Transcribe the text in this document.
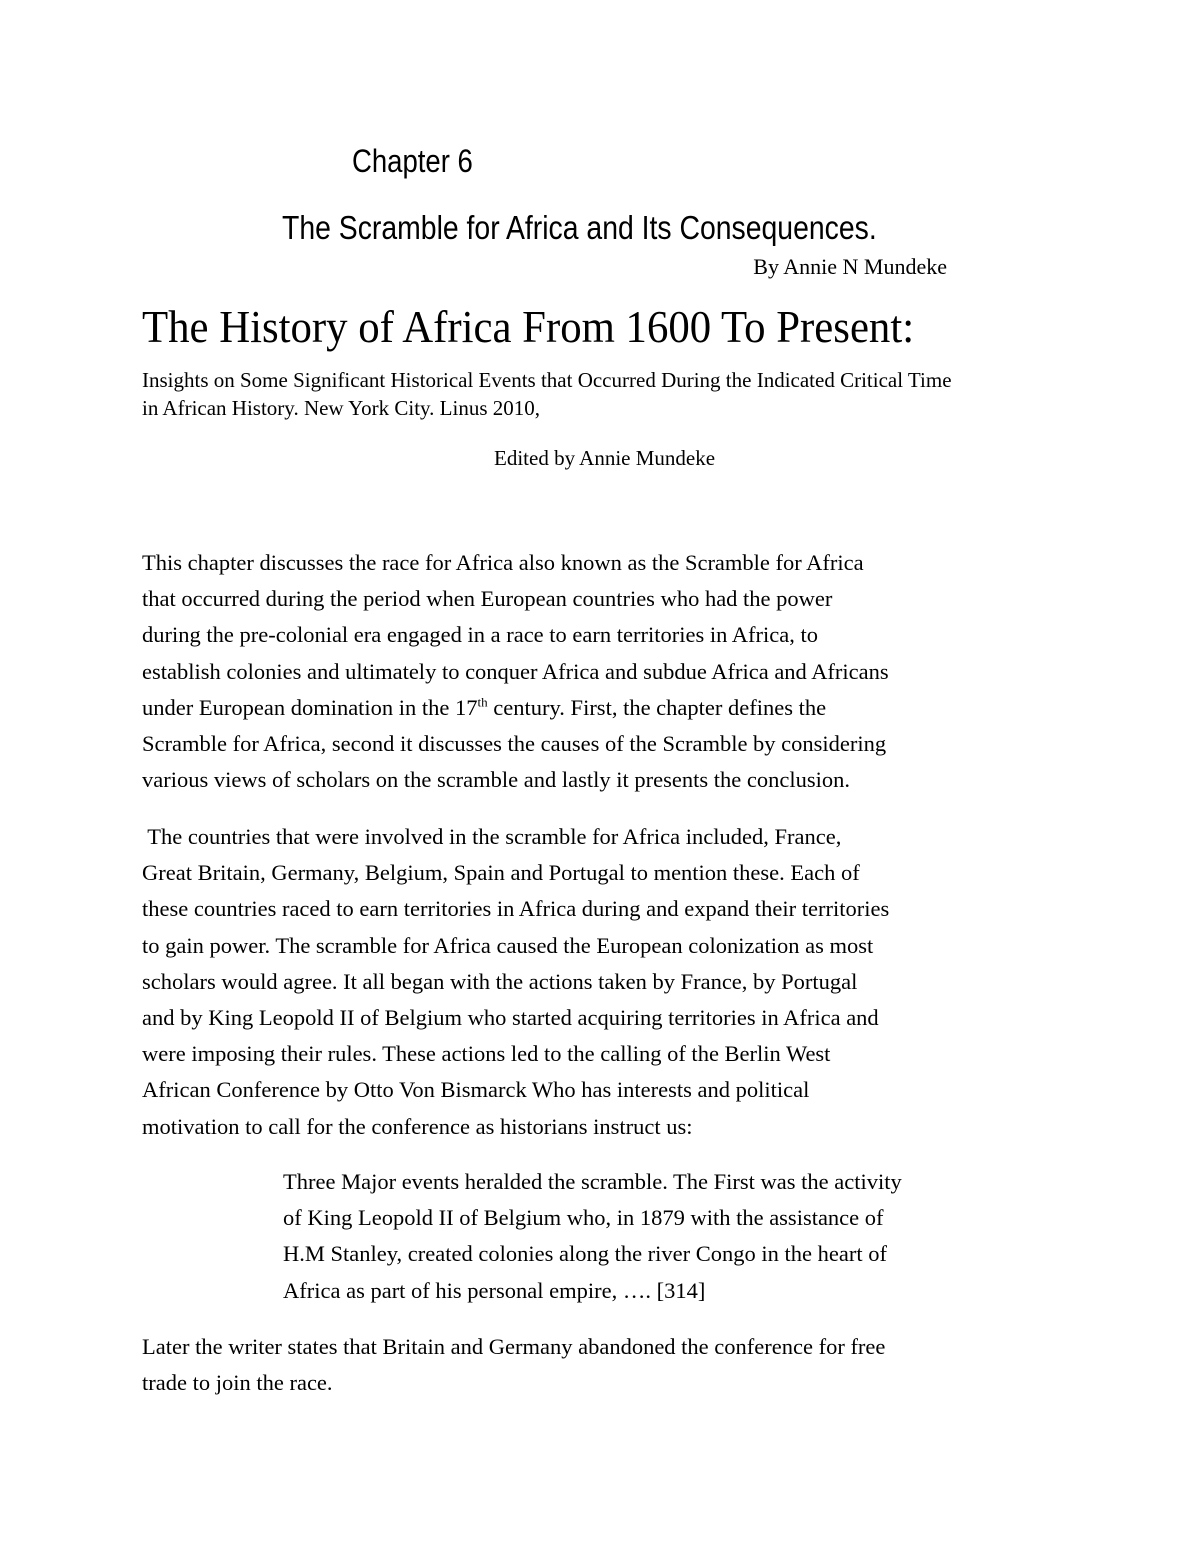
Chapter 6

The Scramble for Africa and Its Consequences.

By Annie N Mundeke

The History of Africa From 1600 To Present:
Insights on Some Significant Historical Events that Occurred During the Indicated Critical Time
in African History. New York City. Linus 2010,

Edited by Annie Mundeke

This chapter discusses the race for Africa also known as the Scramble for Africa
that occurred during the period when European countries who had the power
during the pre-colonial era engaged in a race to earn territories in Africa, to
establish colonies and ultimately to conquer Africa and subdue Africa and Africans
under European domination in the 17th century. First, the chapter defines the
Scramble for Africa, second it discusses the causes of the Scramble by considering
various views of scholars on the scramble and lastly it presents the conclusion.
The countries that were involved in the scramble for Africa included, France,
Great Britain, Germany, Belgium, Spain and Portugal to mention these. Each of
these countries raced to earn territories in Africa during and expand their territories
to gain power. The scramble for Africa caused the European colonization as most
scholars would agree. It all began with the actions taken by France, by Portugal
and by King Leopold II of Belgium who started acquiring territories in Africa and
were imposing their rules. These actions led to the calling of the Berlin West
African Conference by Otto Von Bismarck Who has interests and political
motivation to call for the conference as historians instruct us:
Three Major events heralded the scramble. The First was the activity
of King Leopold II of Belgium who, in 1879 with the assistance of
H.M Stanley, created colonies along the river Congo in the heart of
Africa as part of his personal empire, …. [314]
Later the writer states that Britain and Germany abandoned the conference for free
trade to join the race.
